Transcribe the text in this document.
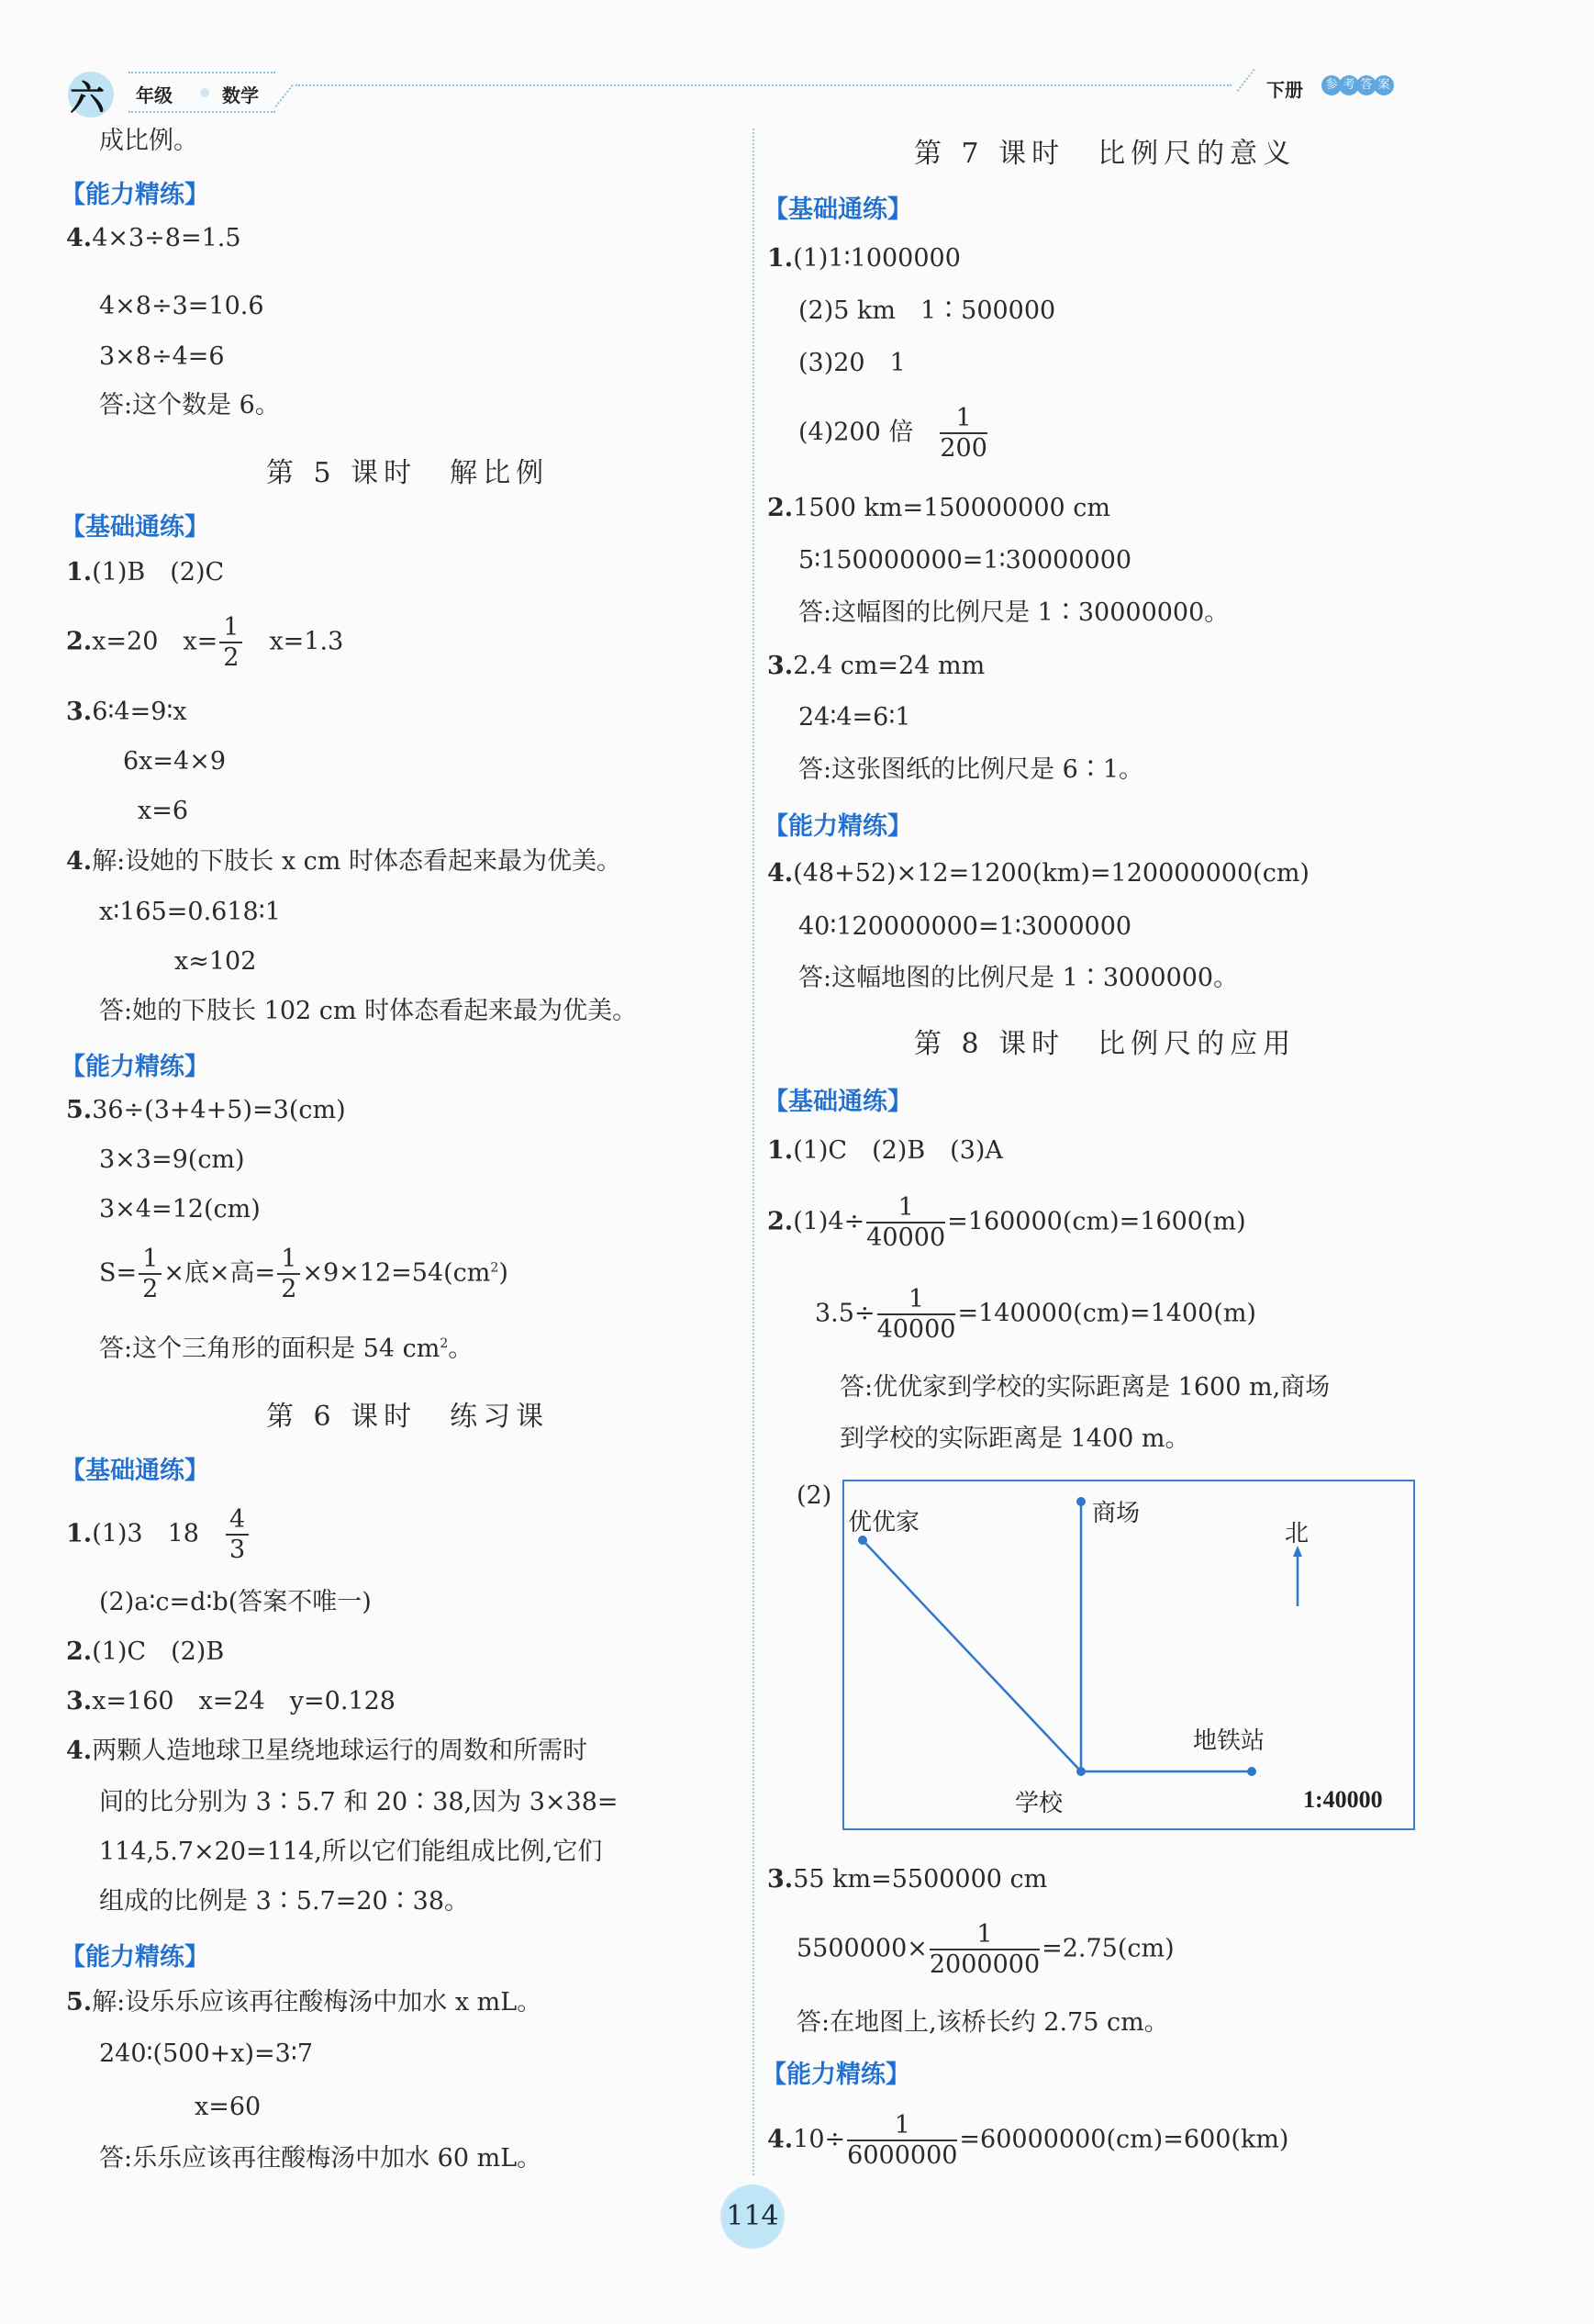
六 年级	数学	下册	参 考 答 案
成比例。
【能力精练】
4.4×3÷8=1.5
4×8÷3=10.6̇
3×8÷4=6
答:这个数是 6。
第 5 课时　解比例
【基础通练】
1.(1)B　(2)C
2.x=20　 $x= \frac{1}{2}$
　 x=1.3
3.6∶4=9∶x
6x=4×9
x=6
4.解:设她的下肢长 x cm 时体态看起来最为优美。
x∶165=0.618∶1
x≈102
答:她的下肢长 102 cm 时体态看起来最为优美。
【能力精练】
5.36÷(3+4+5)=3(cm)
3×3=9(cm)
3×4=12(cm)
$S= \frac{1}{2}$ ×底×高= $\frac{1}{2} \times 9\times 12=54(cm^2)$
答:这个三角形的面积是 54 $cm^2$。
第 6 课时　练习课
【基础通练】
1.(1)3　18　 $\frac{4}{3}$
(2)a∶c=d∶b(答案不唯一)
2.(1)C　(2)B
3.x=160　x=24　y=0.128
4.两颗人造地球卫星绕地球运行的周数和所需时
间的比分别为 3∶5.7 和 20∶38,因为 3×38=
114,5.7×20=114,所以它们能组成比例,它们
组成的比例是 3∶5.7=20∶38。
【能力精练】
5.解:设乐乐应该再往酸梅汤中加水 x mL。
240∶(500+x)=3∶7
x=60
答:乐乐应该再往酸梅汤中加水 60 mL。
第 7 课时　比例尺的意义
【基础通练】
1.(1)1∶1000000
(2)5 km　1∶500000
(3)20　1
(4)200 倍　 $\frac{1}{200}$
2.1500 km=150000000 cm
5∶150000000=1∶30000000
答:这幅图的比例尺是 1∶30000000。
3.2.4 cm=24 mm
24∶4=6∶1
答:这张图纸的比例尺是 6∶1。
【能力精练】
4.(48+52)×12=1200(km)=120000000(cm)
40∶120000000=1∶3000000
答:这幅地图的比例尺是 1∶3000000。
第 8 课时　比例尺的应用
【基础通练】
1.(1)C　(2)B　(3)A
$2.(1)4\div \frac{1}{40000} =160000(cm)=1600(m)$
$3.5\div \frac{1}{40000} =140000(cm)=1400(m)$
答:优优家到学校的实际距离是 1600 m,商场
到学校的实际距离是 1400 m。
(2)
优优家	商场
北
地铁站
学校	1:40000
3.55 km=5500000 cm
$5500000\times \frac{1}{2000000} =2.75(cm)$
答:在地图上,该桥长约 2.75 cm。
【能力精练】
$4.10\div \frac{1}{6000000} =60000000(cm)=600(km)$
114
